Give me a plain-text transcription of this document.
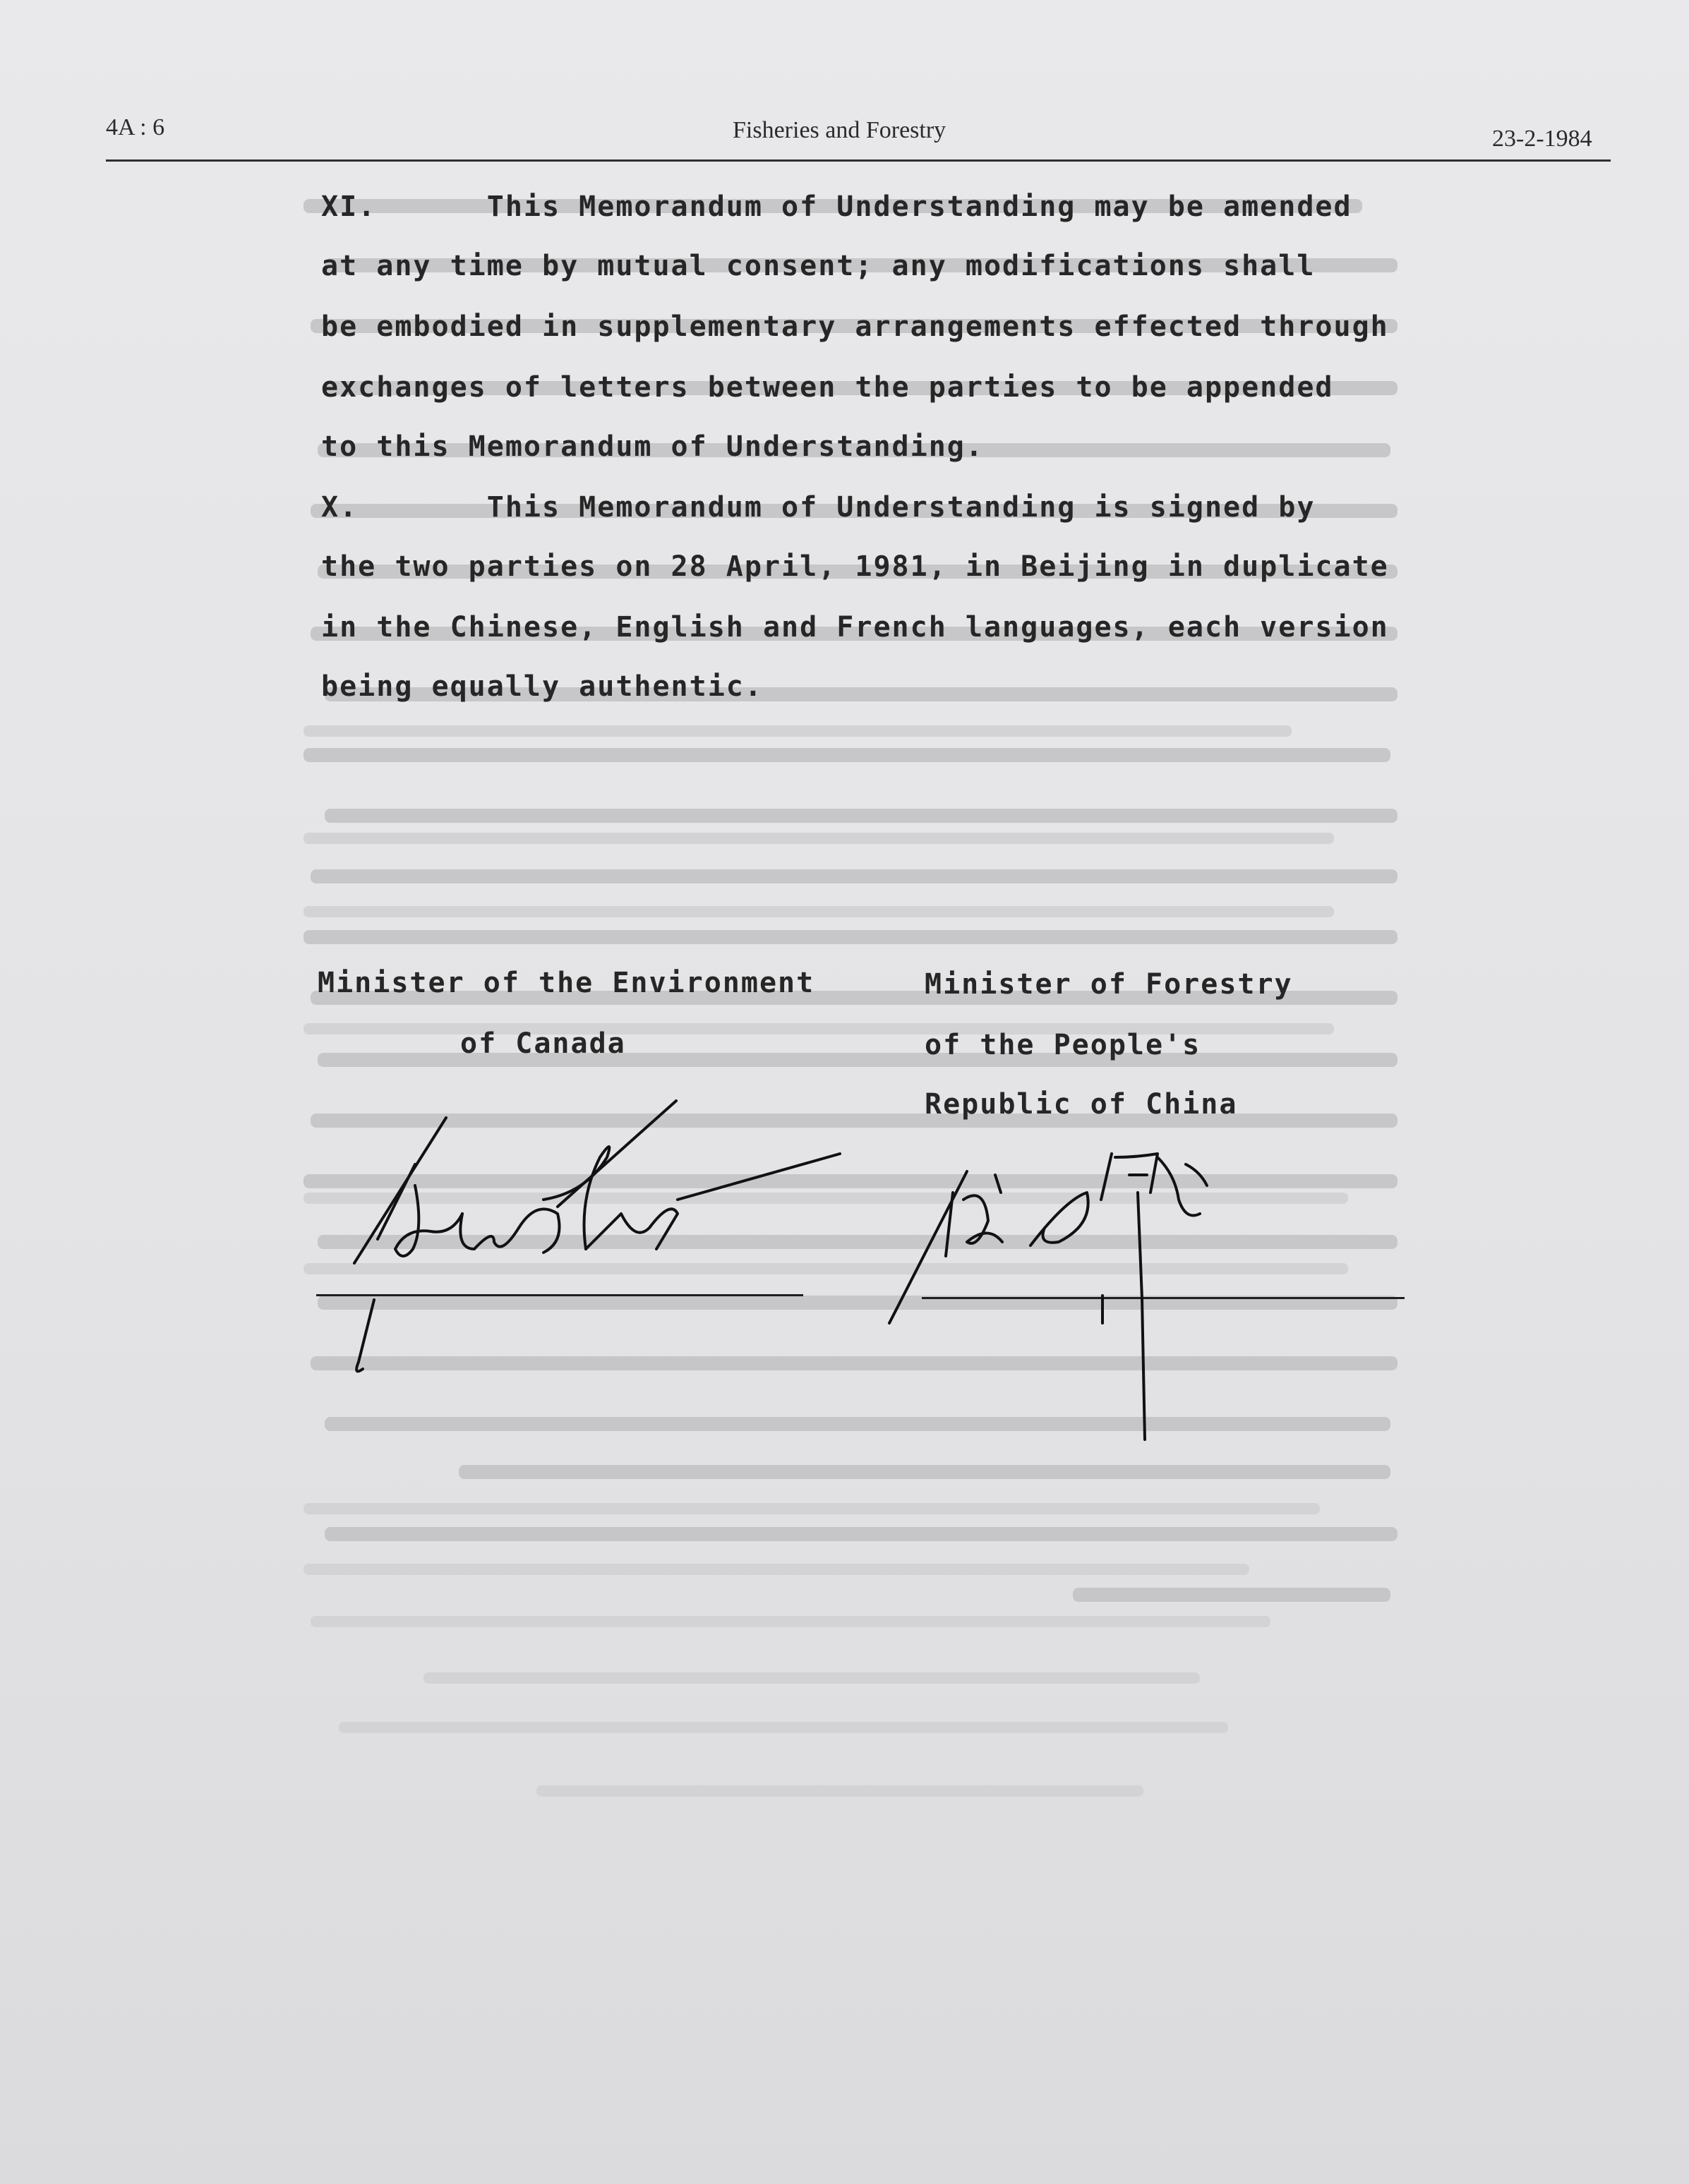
4A : 6	Fisheries and Forestry	23-2-1984
XI.      This Memorandum of Understanding may be amended
at any time by mutual consent; any modifications shall
be embodied in supplementary arrangements effected through
exchanges of letters between the parties to be appended
to this Memorandum of Understanding.
X.       This Memorandum of Understanding is signed by
the two parties on 28 April, 1981, in Beijing in duplicate
in the Chinese, English and French languages, each version
being equally authentic.
Minister of the Environment
of Canada
Minister of Forestry
of the People's
Republic of China
